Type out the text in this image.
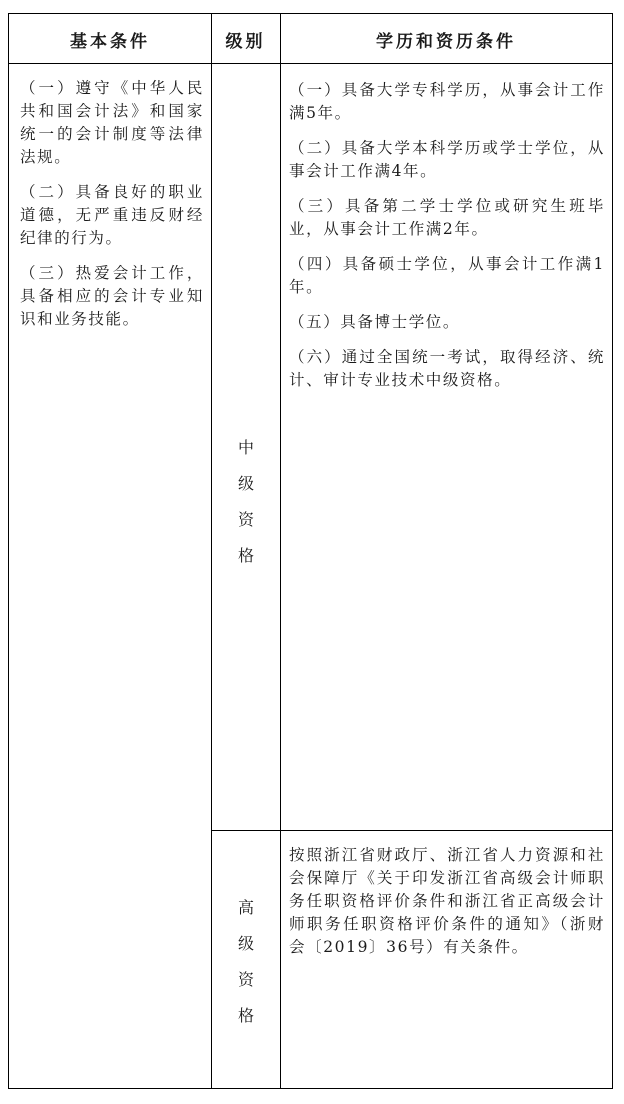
基本条件	级别	学历和资历条件

（一）遵守《中华人民共和国会计法》和国家统一的会计制度等法律法规。

（二）具备良好的职业道德，无严重违反财经纪律的行为。

（三）热爱会计工作，具备相应的会计专业知识和业务技能。

中
级
资
格

（一）具备大学专科学历，从事会计工作满5年。

（二）具备大学本科学历或学士学位，从事会计工作满4年。

（三）具备第二学士学位或研究生班毕业，从事会计工作满2年。

（四）具备硕士学位，从事会计工作满1年。

（五）具备博士学位。

（六）通过全国统一考试，取得经济、统计、审计专业技术中级资格。

高
级
资
格

按照浙江省财政厅、浙江省人力资源和社会保障厅《关于印发浙江省高级会计师职务任职资格评价条件和浙江省正高级会计师职务任职资格评价条件的通知》（浙财会〔2019〕36号）有关条件。
